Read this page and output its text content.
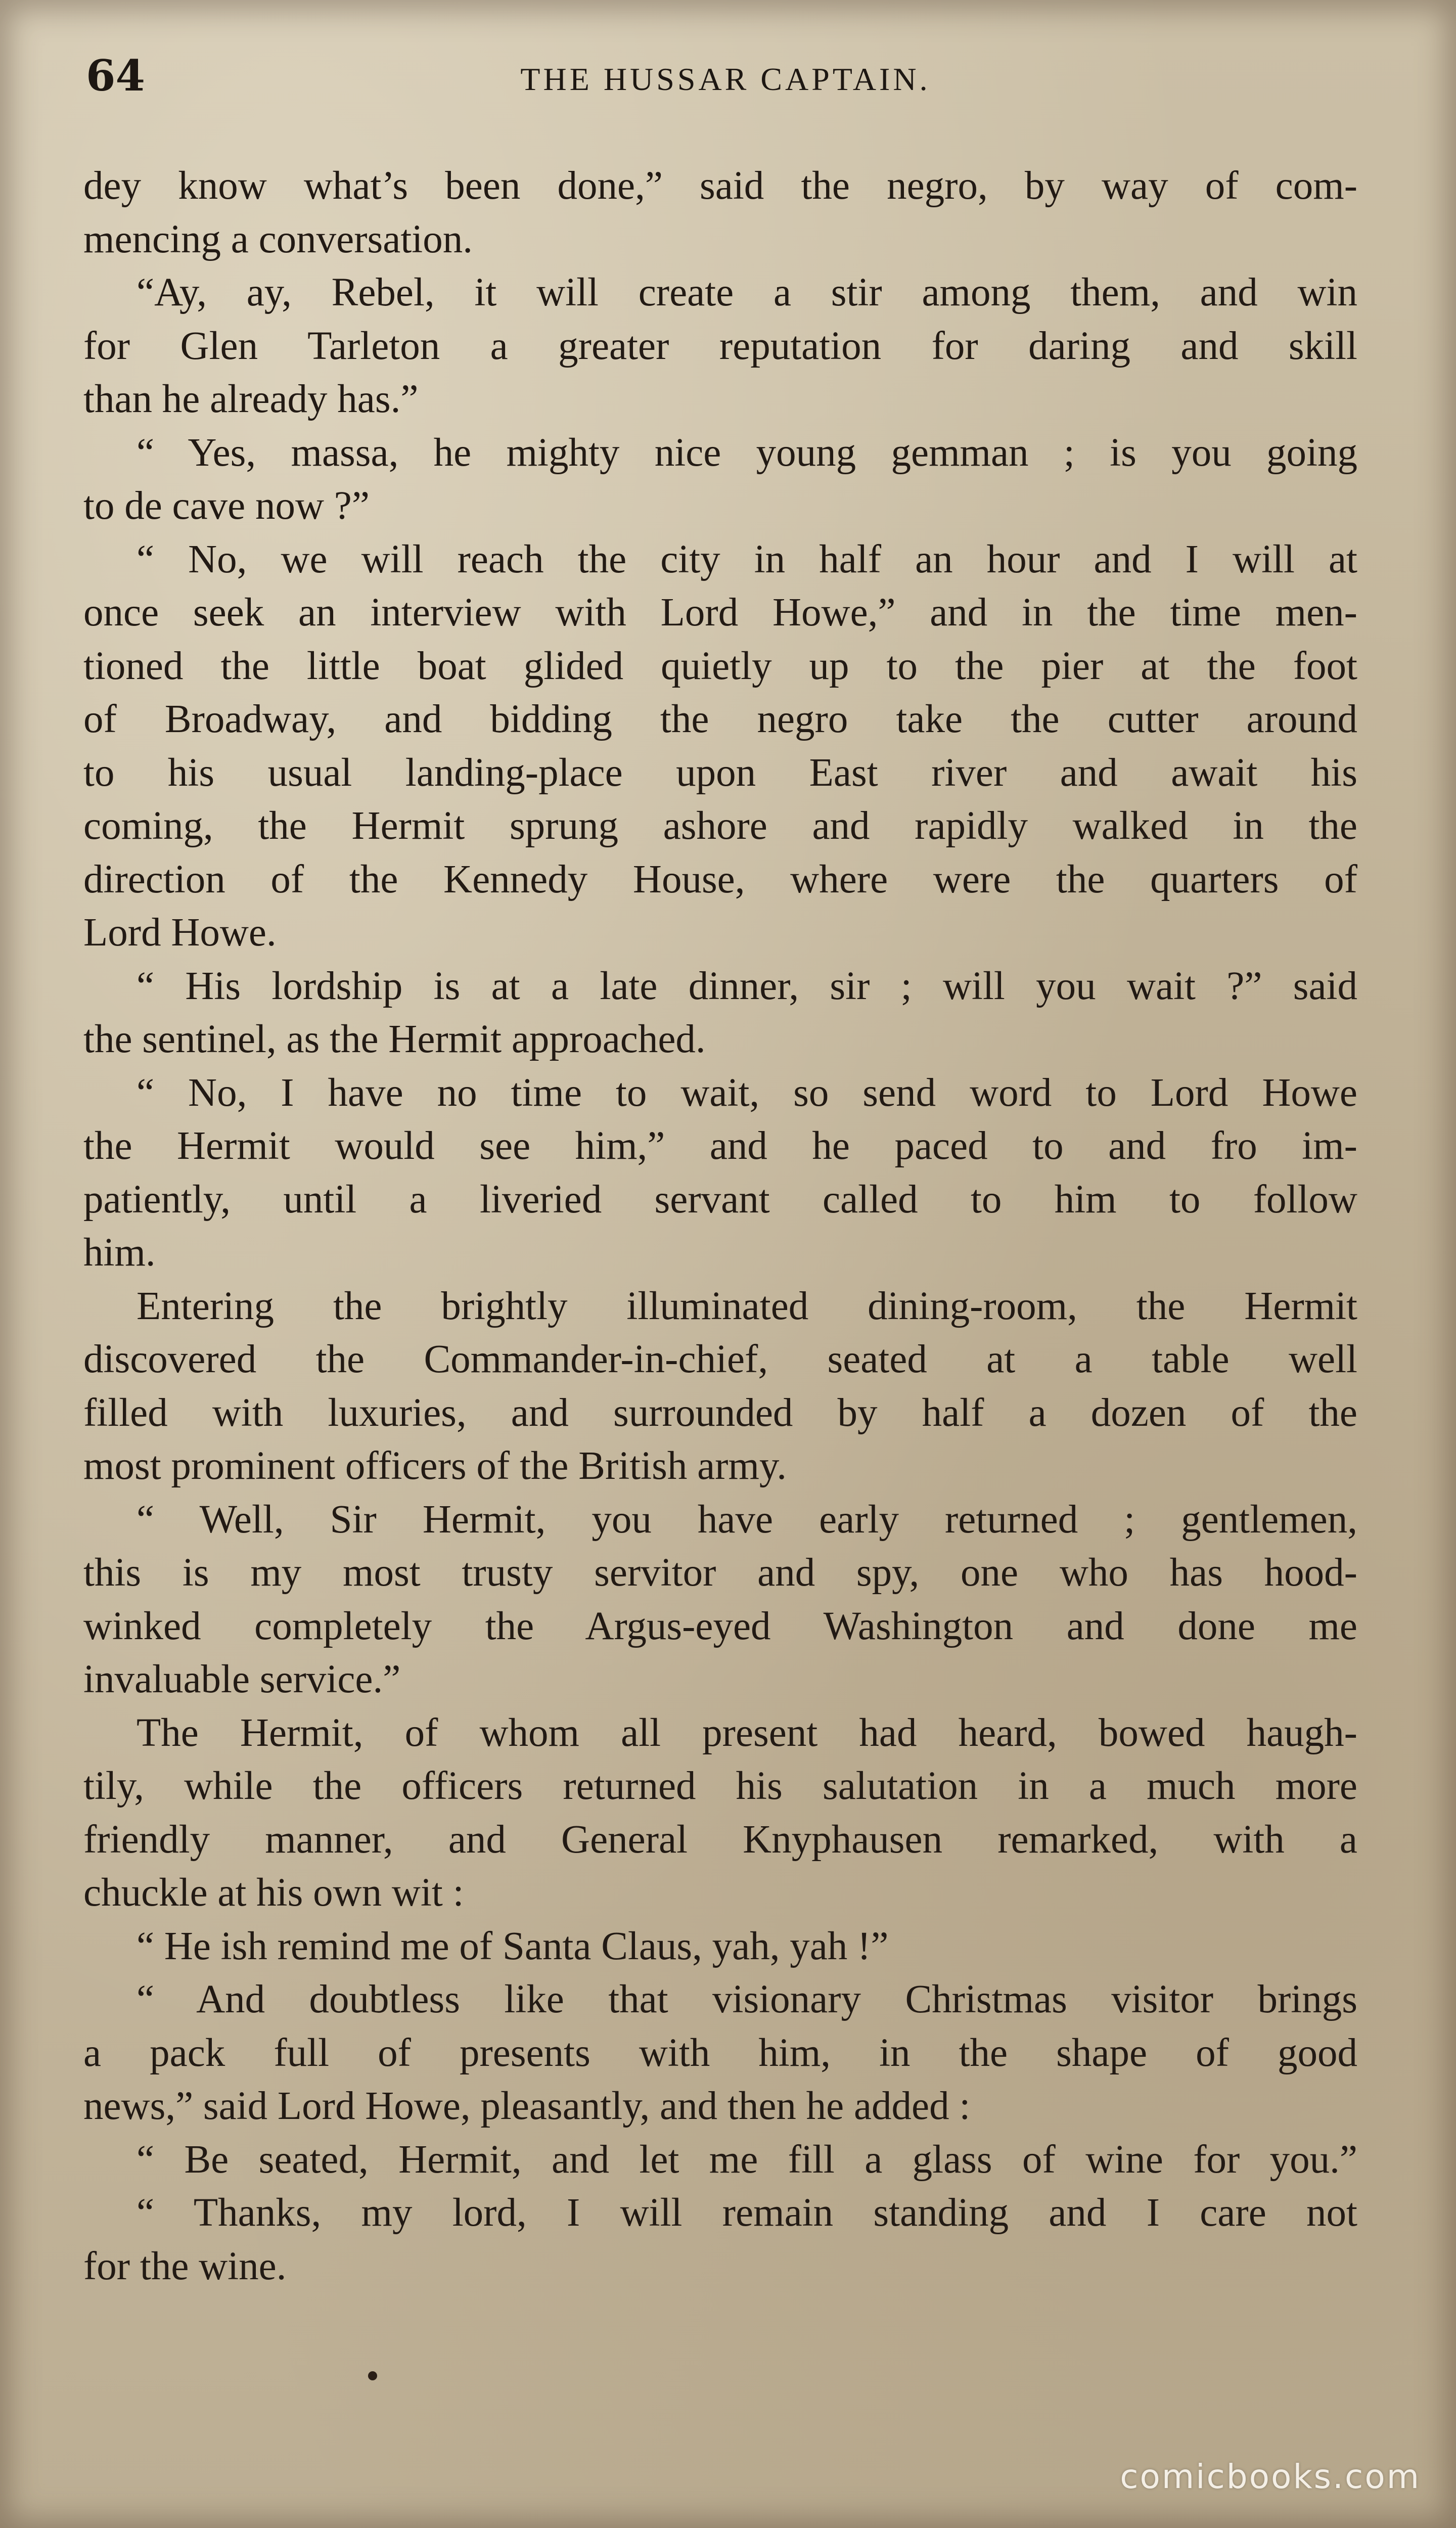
64	THE HUSSAR CAPTAIN.
dey know what’s been done,” said the negro, by way of com-
mencing a conversation.
“Ay, ay, Rebel, it will create a stir among them, and win
for Glen Tarleton a greater reputation for daring and skill
than he already has.”
“ Yes, massa, he mighty nice young gemman ; is you going
to de cave now ?”
“ No, we will reach the city in half an hour and I will at
once seek an interview with Lord Howe,” and in the time men-
tioned the little boat glided quietly up to the pier at the foot
of Broadway, and bidding the negro take the cutter around
to his usual landing-place upon East river and await his
coming, the Hermit sprung ashore and rapidly walked in the
direction of the Kennedy House, where were the quarters of
Lord Howe.
“ His lordship is at a late dinner, sir ; will you wait ?” said
the sentinel, as the Hermit approached.
“ No, I have no time to wait, so send word to Lord Howe
the Hermit would see him,” and he paced to and fro im-
patiently, until a liveried servant called to him to follow
him.
Entering the brightly illuminated dining-room, the Hermit
discovered the Commander-in-chief, seated at a table well
filled with luxuries, and surrounded by half a dozen of the
most prominent officers of the British army.
“ Well, Sir Hermit, you have early returned ; gentlemen,
this is my most trusty servitor and spy, one who has hood-
winked completely the Argus-eyed Washington and done me
invaluable service.”
The Hermit, of whom all present had heard, bowed haugh-
tily, while the officers returned his salutation in a much more
friendly manner, and General Knyphausen remarked, with a
chuckle at his own wit :
“ He ish remind me of Santa Claus, yah, yah !”
“ And doubtless like that visionary Christmas visitor brings
a pack full of presents with him, in the shape of good
news,” said Lord Howe, pleasantly, and then he added :
“ Be seated, Hermit, and let me fill a glass of wine for you.”
“ Thanks, my lord, I will remain standing and I care not
for the wine.
comicbooks.com
